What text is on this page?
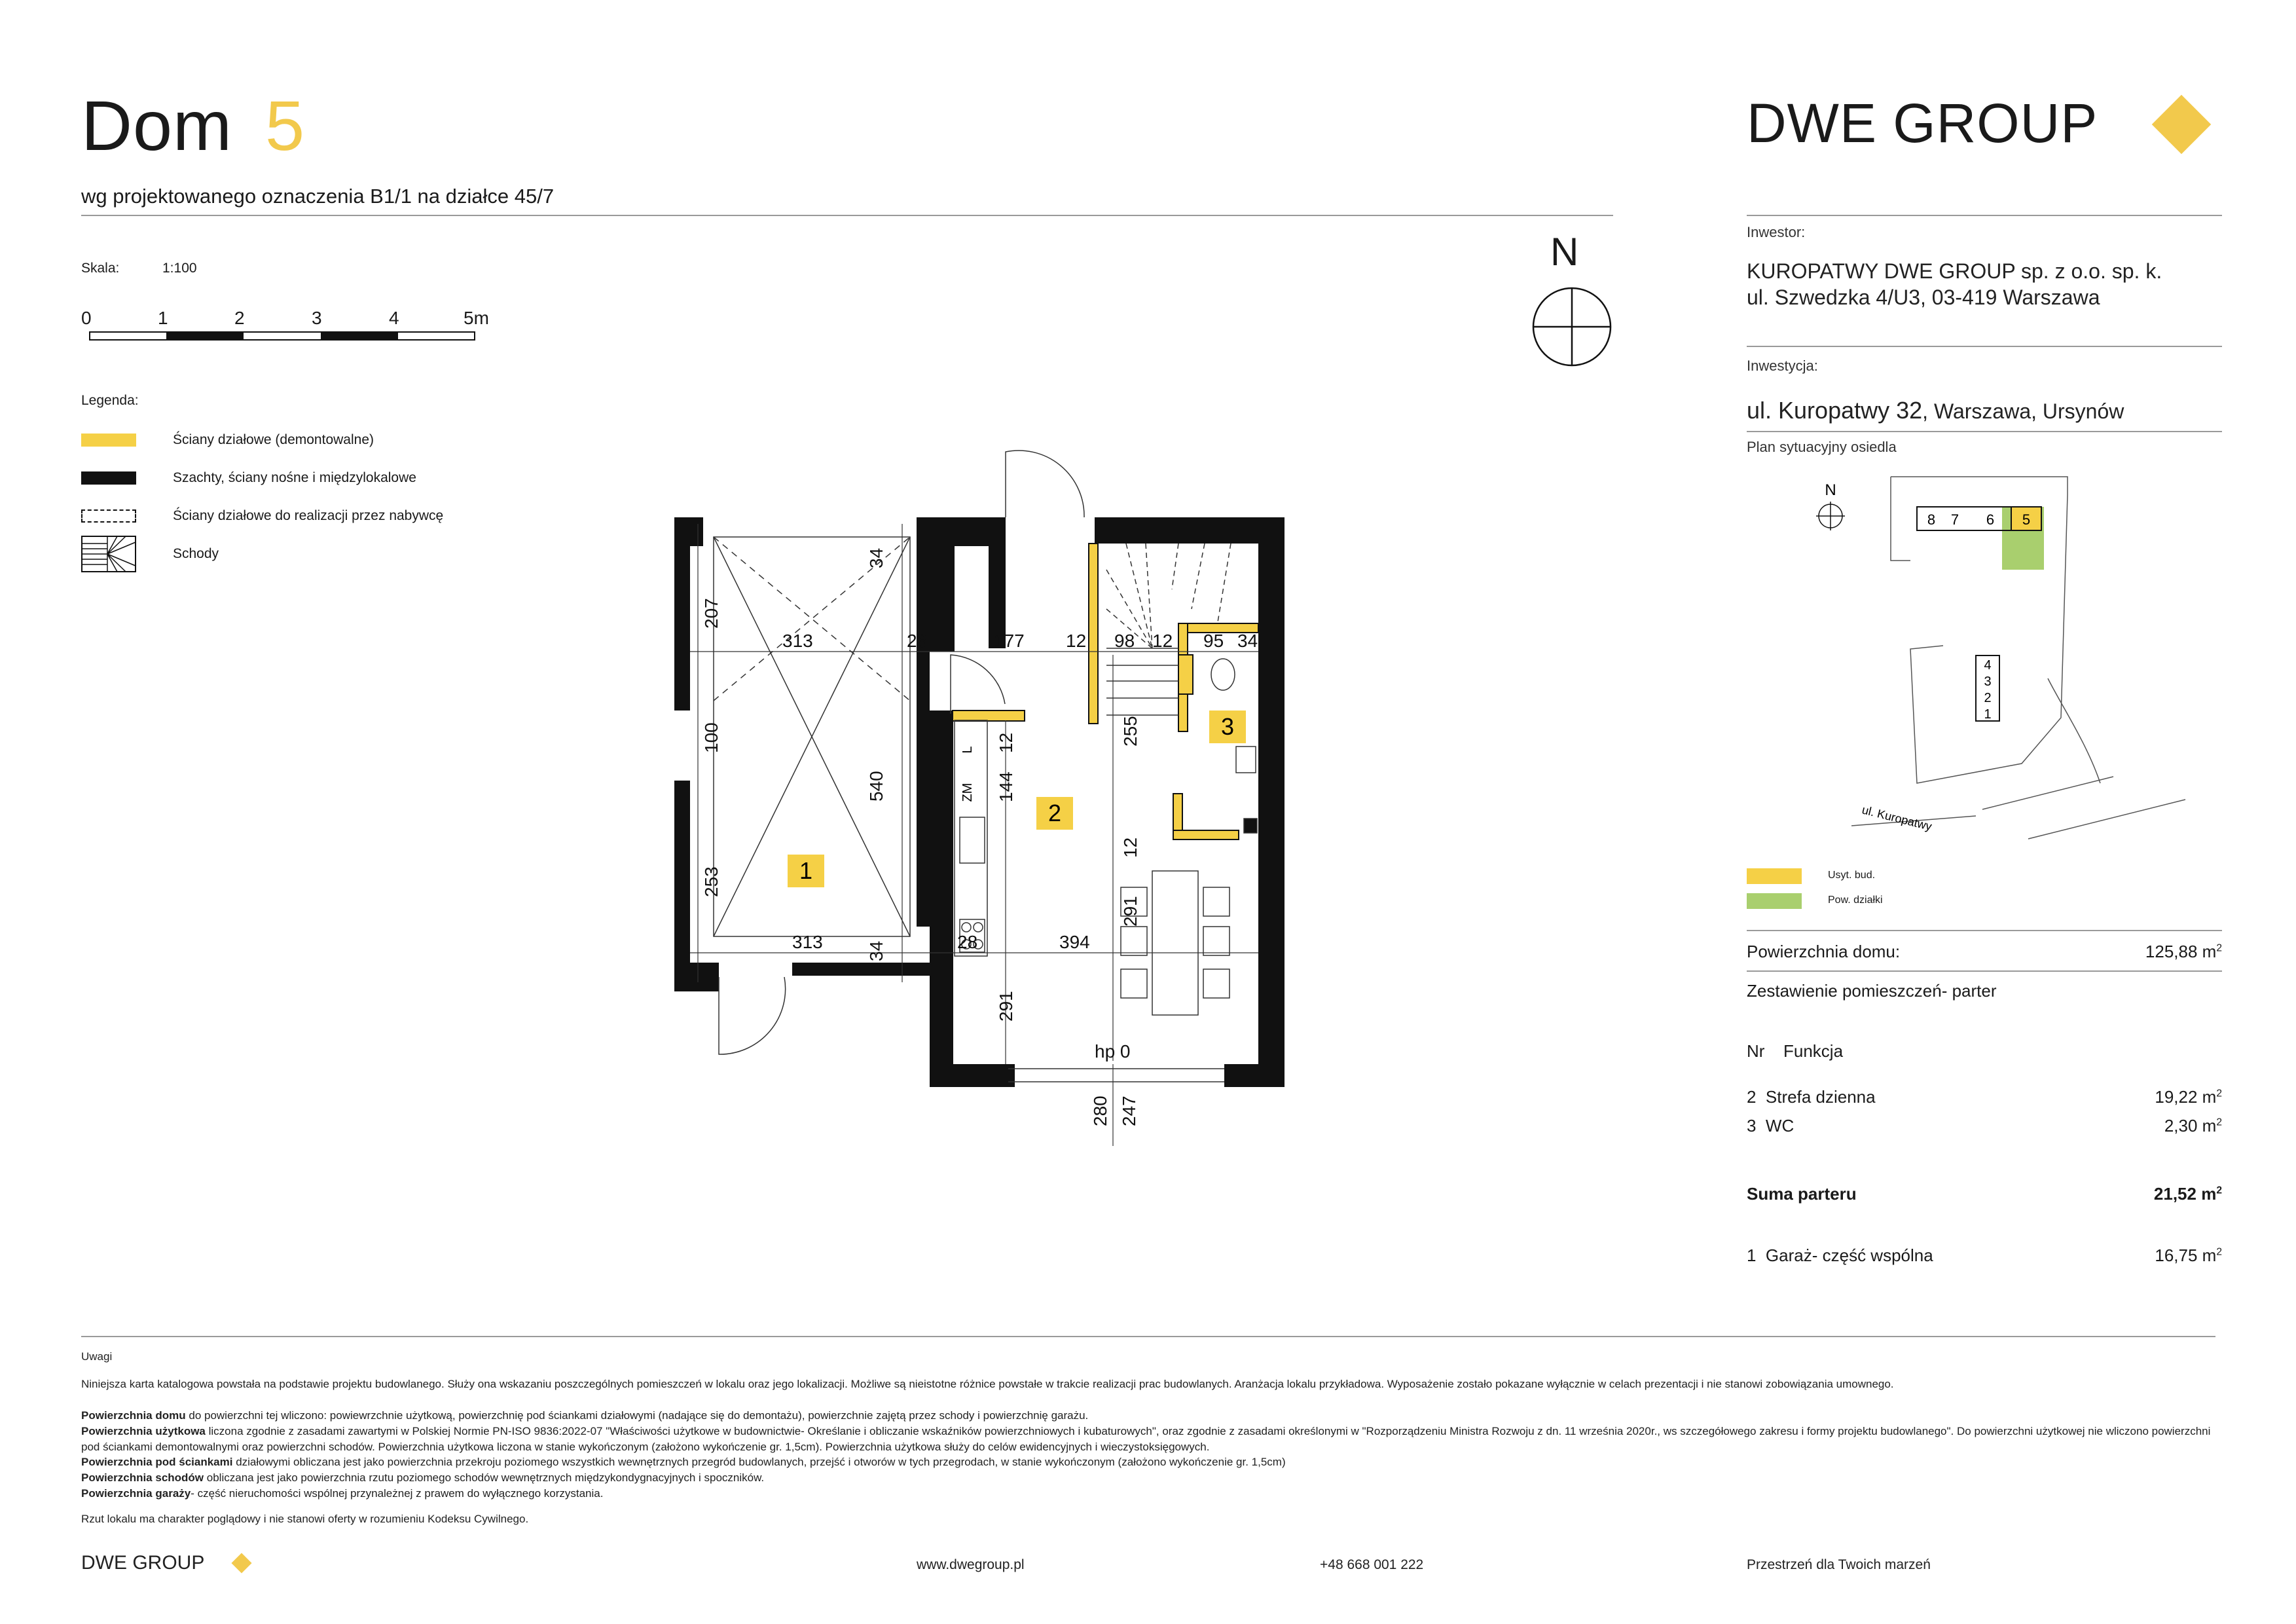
Dom 5
wg projektowanego oznaczenia B1/1 na działce 45/7
DWE GROUP
Skala:	1:100
0	1	2	3	4	5m
Legenda:
Ściany działowe (demontowalne)
Szachty, ściany nośne i międzylokalowe
Ściany działowe do realizacji przez nabywcę
Schody
N
L
ZM
1
2
3
313	28	177 12 98 12 95 34
207
34
100
540
253
313 34	28	394
12
144
255
12
291
291
280 247
hp 0
Inwestor:
KUROPATWY DWE GROUP sp. z o.o. sp. k.
ul. Szwedzka 4/U3, 03-419 Warszawa
Inwestycja:
ul. Kuropatwy 32, Warszawa, Ursynów
Plan sytuacyjny osiedla
N
8 7 6 5
4
3
2
1
ul. Kuropatwy
Usyt. bud.
Pow. działki
Powierzchnia domu:	125,88 $m^2$
Zestawienie pomieszczeń- parter
Nr	Funkcja
2 Strefa dzienna	19,22 $m^2$
3 WC	2,30 $m^2$
Suma parteru	21,52 $m^2$
1 Garaż- część wspólna	16,75 $m^2$
Uwagi
Niniejsza karta katalogowa powstała na podstawie projektu budowlanego. Służy ona wskazaniu poszczególnych pomieszczeń w lokalu oraz jego lokalizacji. Możliwe są nieistotne różnice powstałe w trakcie realizacji prac budowlanych. Aranżacja lokalu przykładowa. Wyposażenie zostało pokazane wyłącznie w celach prezentacji i nie stanowi zobowiązania umownego.
Powierzchnia domu do powierzchni tej wliczono: powiewrzchnie użytkową, powierzchnię pod ściankami działowymi (nadające się do demontażu), powierzchnie zajętą przez schody i powierzchnię garażu.
Powierzchnia użytkowa liczona zgodnie z zasadami zawartymi w Polskiej Normie PN-ISO 9836:2022-07 "Właściwości użytkowe w budownictwie- Określanie i obliczanie wskaźników powierzchniowych i kubaturowych", oraz zgodnie z zasadami określonymi w "Rozporządzeniu Ministra Rozwoju z dn. 11 września 2020r., ws szczegółowego zakresu i formy projektu budowlanego". Do powierzchni użytkowej nie wliczono powierzchni pod ściankami demontowalnymi oraz powierzchni schodów. Powierzchnia użytkowa liczona w stanie wykończonym (założono wykończenie gr. 1,5cm). Powierzchnia użytkowa służy do celów ewidencyjnych i wieczystoksięgowych.
Powierzchnia pod ściankami działowymi obliczana jest jako powierzchnia przekroju poziomego wszystkich wewnętrznych przegród budowlanych, przejść i otworów w tych przegrodach, w stanie wykończonym (założono wykończenie gr. 1,5cm)
Powierzchnia schodów obliczana jest jako powierzchnia rzutu poziomego schodów wewnętrznych międzykondygnacyjnych i spoczników.
Powierzchnia garaży- część nieruchomości wspólnej przynależnej z prawem do wyłącznego korzystania.
Rzut lokalu ma charakter poglądowy i nie stanowi oferty w rozumieniu Kodeksu Cywilnego.
DWE GROUP	www.dwegroup.pl	+48 668 001 222	Przestrzeń dla Twoich marzeń
